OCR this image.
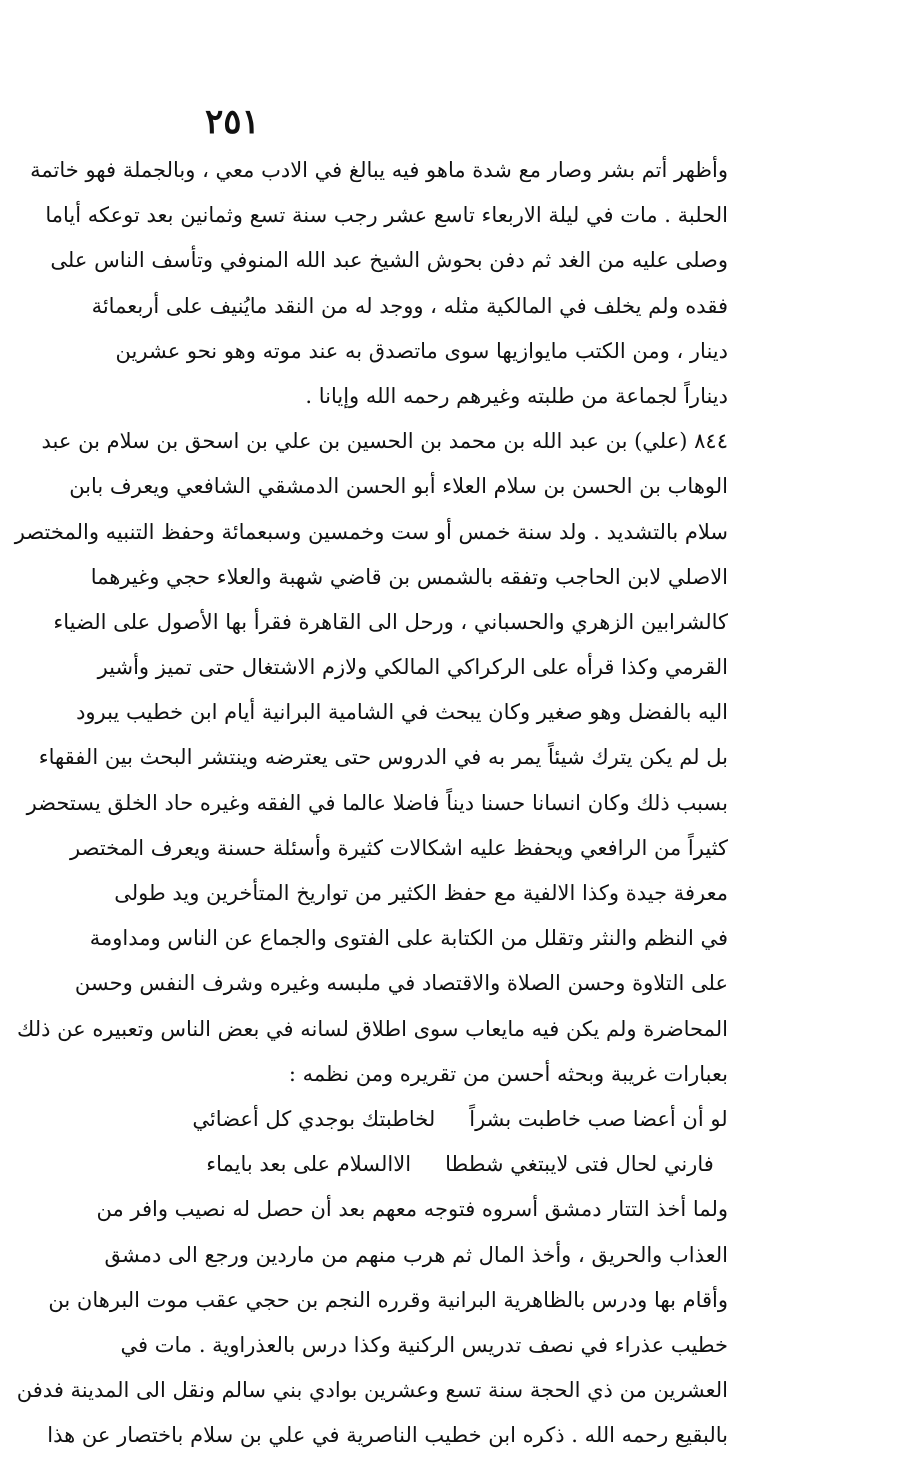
٢٥١
وأظهر أتم بشر وصار مع شدة ماهو فيه يبالغ في الادب معي ، وبالجملة فهو خاتمة
الحلبة . مات في ليلة الاربعاء تاسع عشر رجب سنة تسع وثمانين بعد توعكه أياما
وصلى عليه من الغد ثم دفن بحوش الشيخ عبد الله المنوفي وتأسف الناس على
فقده ولم يخلف في المالكية مثله ، ووجد له من النقد مايُنيف على أربعمائة
دينار ، ومن الكتب مايوازيها سوى ماتصدق به عند موته وهو نحو عشرين
ديناراً لجماعة من طلبته وغيرهم رحمه الله وإيانا .
٨٤٤ (علي) بن عبد الله بن محمد بن الحسين بن علي بن اسحق بن سلام بن عبد
الوهاب بن الحسن بن سلام العلاء أبو الحسن الدمشقي الشافعي ويعرف بابن
سلام بالتشديد . ولد سنة خمس أو ست وخمسين وسبعمائة وحفظ التنبيه والمختصر
الاصلي لابن الحاجب وتفقه بالشمس بن قاضي شهبة والعلاء حجي وغيرهما
كالشرابين الزهري والحسباني ، ورحل الى القاهرة فقرأ بها الأصول على الضياء
القرمي وكذا قرأه على الركراكي المالكي ولازم الاشتغال حتى تميز وأشير
اليه بالفضل وهو صغير وكان يبحث في الشامية البرانية أيام ابن خطيب يبرود
بل لم يكن يترك شيئاً يمر به في الدروس حتى يعترضه وينتشر البحث بين الفقهاء
بسبب ذلك وكان انسانا حسنا ديناً فاضلا عالما في الفقه وغيره حاد الخلق يستحضر
كثيراً من الرافعي ويحفظ عليه اشكالات كثيرة وأسئلة حسنة ويعرف المختصر
معرفة جيدة وكذا الالفية مع حفظ الكثير من تواريخ المتأخرين ويد طولى
في النظم والنثر وتقلل من الكتابة على الفتوى والجماع عن الناس ومداومة
على التلاوة وحسن الصلاة والاقتصاد في ملبسه وغيره وشرف النفس وحسن
المحاضرة ولم يكن فيه مايعاب سوى اطلاق لسانه في بعض الناس وتعبيره عن ذلك
بعبارات غريبة وبحثه أحسن من تقريره ومن نظمه :
لو أن أعضا صب خاطبت بشراً
لخاطبتك بوجدي كل أعضائي
فارني لحال فتى لايبتغي شططا
الاالسلام على بعد بايماء
ولما أخذ التتار دمشق أسروه فتوجه معهم بعد أن حصل له نصيب وافر من
العذاب والحريق ، وأخذ المال ثم هرب منهم من ماردين ورجع الى دمشق
وأقام بها ودرس بالظاهرية البرانية وقرره النجم بن حجي عقب موت البرهان بن
خطيب عذراء في نصف تدريس الركنية وكذا درس بالعذراوية . مات في
العشرين من ذي الحجة سنة تسع وعشرين بوادي بني سالم ونقل الى المدينة فدفن
بالبقيع رحمه الله . ذكره ابن خطيب الناصرية في علي بن سلام باختصار عن هذا
